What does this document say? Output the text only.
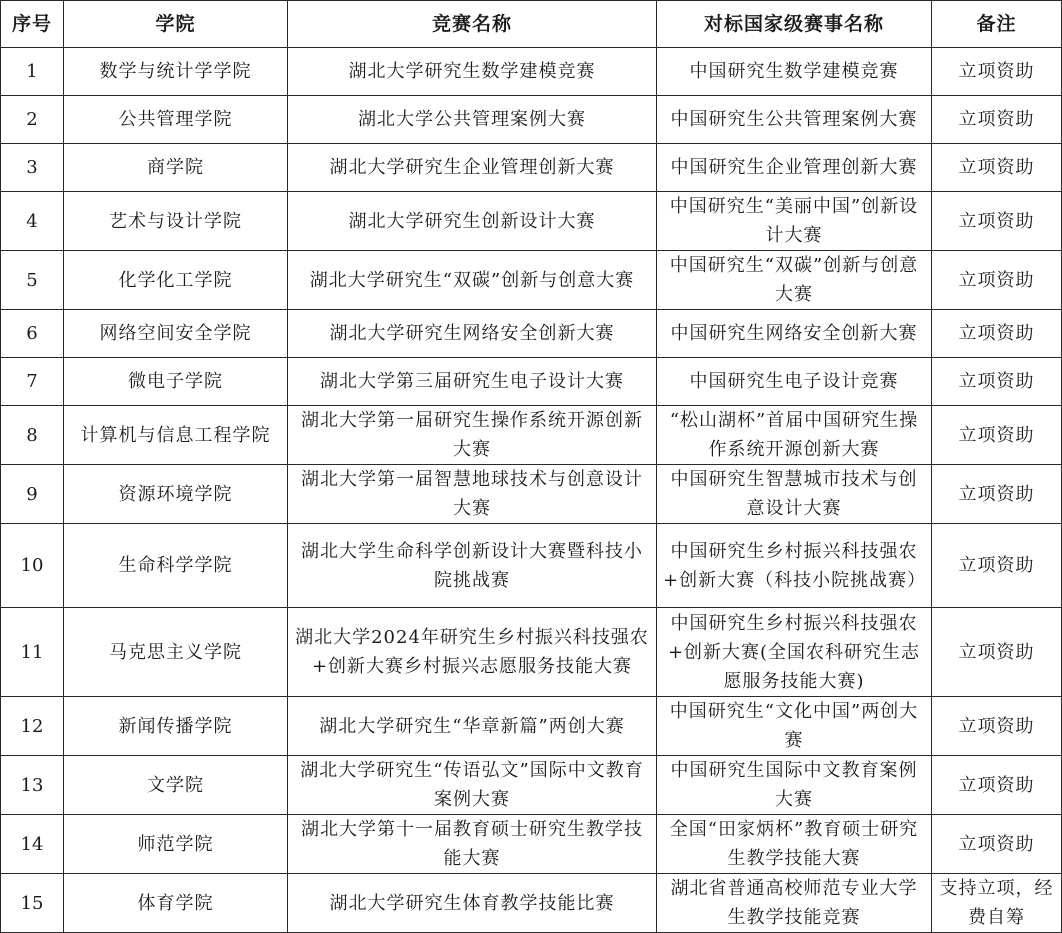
序号	学院	竞赛名称	对标国家级赛事名称	备注
1	数学与统计学学院	湖北大学研究生数学建模竞赛	中国研究生数学建模竞赛	立项资助
2	公共管理学院	湖北大学公共管理案例大赛	中国研究生公共管理案例大赛	立项资助
3	商学院	湖北大学研究生企业管理创新大赛	中国研究生企业管理创新大赛	立项资助
4	艺术与设计学院	湖北大学研究生创新设计大赛	中国研究生“美丽中国”创新设计大赛	立项资助
5	化学化工学院	湖北大学研究生“双碳”创新与创意大赛	中国研究生“双碳”创新与创意大赛	立项资助
6	网络空间安全学院	湖北大学研究生网络安全创新大赛	中国研究生网络安全创新大赛	立项资助
7	微电子学院	湖北大学第三届研究生电子设计大赛	中国研究生电子设计竞赛	立项资助
8	计算机与信息工程学院	湖北大学第一届研究生操作系统开源创新大赛	“松山湖杯”首届中国研究生操作系统开源创新大赛	立项资助
9	资源环境学院	湖北大学第一届智慧地球技术与创意设计大赛	中国研究生智慧城市技术与创意设计大赛	立项资助
10	生命科学学院	湖北大学生命科学创新设计大赛暨科技小院挑战赛	中国研究生乡村振兴科技强农+创新大赛（科技小院挑战赛）	立项资助
11	马克思主义学院	湖北大学2024年研究生乡村振兴科技强农+创新大赛乡村振兴志愿服务技能大赛	中国研究生乡村振兴科技强农+创新大赛(全国农科研究生志愿服务技能大赛)	立项资助
12	新闻传播学院	湖北大学研究生“华章新篇”两创大赛	中国研究生“文化中国”两创大赛	立项资助
13	文学院	湖北大学研究生“传语弘文”国际中文教育案例大赛	中国研究生国际中文教育案例大赛	立项资助
14	师范学院	湖北大学第十一届教育硕士研究生教学技能大赛	全国“田家炳杯”教育硕士研究生教学技能大赛	立项资助
15	体育学院	湖北大学研究生体育教学技能比赛	湖北省普通高校师范专业大学生教学技能竞赛	支持立项，经费自筹
